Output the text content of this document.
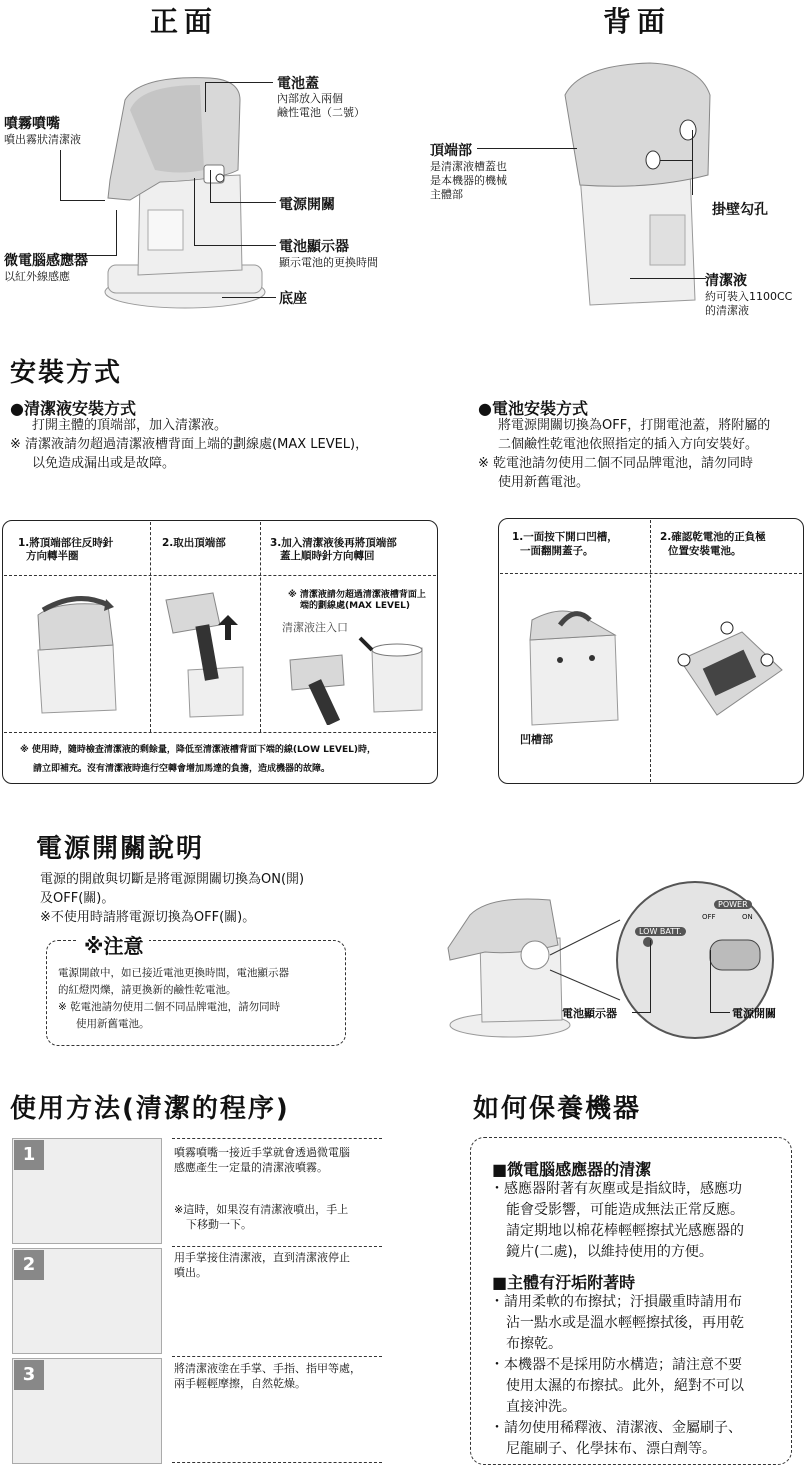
正面	背面
電池蓋
內部放入兩個
鹼性電池（二號）
噴霧噴嘴
噴出霧狀清潔液
電源開關
微電腦感應器
以紅外線感應
電池顯示器
顯示電池的更換時間
底座
頂端部
是清潔液槽蓋也
是本機器的機械
主體部
掛壁勾孔
清潔液
約可裝入1100CC
的清潔液
安裝方式
●清潔液安裝方式
打開主體的頂端部，加入清潔液。
※ 清潔液請勿超過清潔液槽背面上端的劃線處(MAX LEVEL)，
以免造成漏出或是故障。
●電池安裝方式
將電源開關切換為OFF，打開電池蓋，將附屬的
二個鹼性乾電池依照指定的插入方向安裝好。
※ 乾電池請勿使用二個不同品牌電池，請勿同時
使用新舊電池。
1.將頂端部往反時針
方向轉半圈
2.取出頂端部	3.加入清潔液後再將頂端部
蓋上順時針方向轉回
※ 清潔液請勿超過清潔液槽背面上
端的劃線處(MAX LEVEL)
清潔液注入口
※ 使用時，隨時檢查清潔液的剩餘量，降低至清潔液槽背面下端的線(LOW LEVEL)時，
請立即補充。沒有清潔液時進行空轉會增加馬達的負擔，造成機器的故障。
1.一面按下開口凹槽，
一面翻開蓋子。
2.確認乾電池的正負極
位置安裝電池。
凹槽部
電源開關說明
電源的開啟與切斷是將電源開關切換為ON(開)
及OFF(關)。
※不使用時請將電源切換為OFF(關)。
※注意
電源開啟中，如已接近電池更換時間，電池顯示器
的紅燈閃爍，請更換新的鹼性乾電池。
※ 乾電池請勿使用二個不同品牌電池，請勿同時
使用新舊電池。
LOW BATT.
POWER
OFF	ON
電池顯示器	電源開關
使用方法(清潔的程序)
1	噴霧噴嘴一接近手掌就會透過微電腦
感應產生一定量的清潔液噴霧。
※這時，如果沒有清潔液噴出，手上
下移動一下。
2	用手掌接住清潔液，直到清潔液停止
噴出。
3	將清潔液塗在手掌、手指、指甲等處，
兩手輕輕摩擦，自然乾燥。
如何保養機器
■微電腦感應器的清潔
・感應器附著有灰塵或是指紋時，感應功
能會受影響，可能造成無法正常反應。
請定期地以棉花棒輕輕擦拭光感應器的
鏡片(二處)，以維持使用的方便。
■主體有汙垢附著時
・請用柔軟的布擦拭；汙損嚴重時請用布
沾一點水或是溫水輕輕擦拭後，再用乾
布擦乾。
・本機器不是採用防水構造；請注意不要
使用太濕的布擦拭。此外，絕對不可以
直接沖洗。
・請勿使用稀釋液、清潔液、金屬刷子、
尼龍刷子、化學抹布、漂白劑等。
